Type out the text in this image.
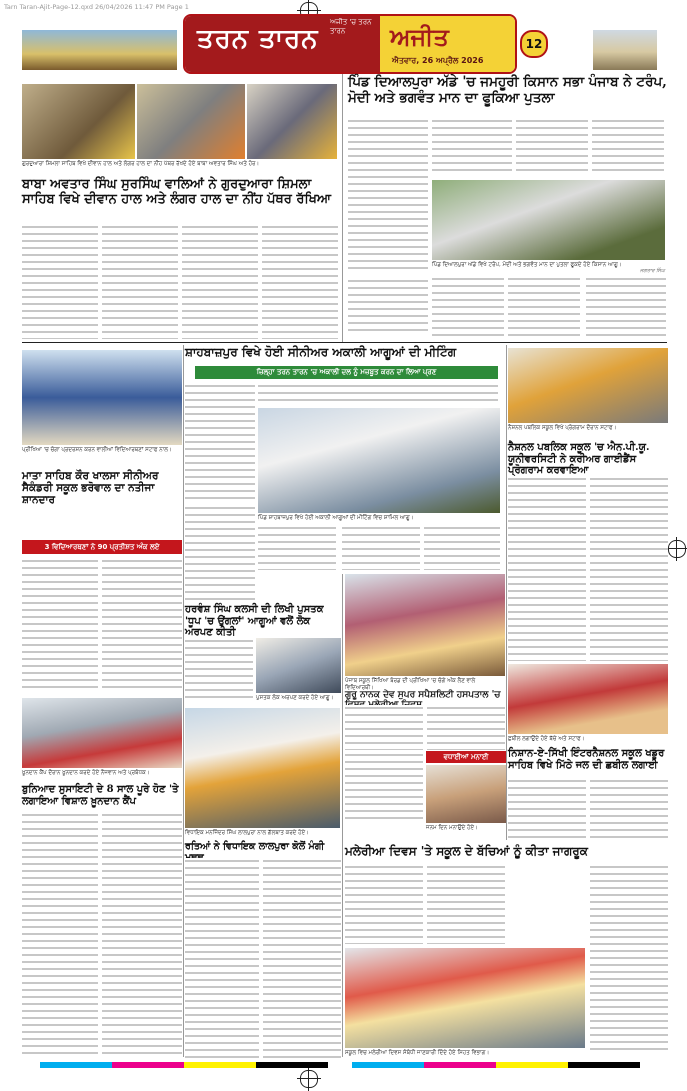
Tarn Taran-Ajit-Page-12.qxd 26/04/2026 11:47 PM Page 1
ਅਜੀਤ 'ਚ ਤਰਨ ਤਾਰਨ
ਤਰਨ ਤਾਰਨ	ਅਜੀਤ
ਐਤਵਾਰ, 26 ਅਪ੍ਰੈਲ 2026
12
ਗੁਰਦੁਆਰਾ ਸ਼ਿਮਲਾ ਸਾਹਿਬ ਵਿਖੇ ਦੀਵਾਨ ਹਾਲ ਅਤੇ ਲੰਗਰ ਹਾਲ ਦਾ ਨੀਂਹ ਪੱਥਰ ਰੱਖਦੇ ਹੋਏ ਬਾਬਾ ਅਵਤਾਰ ਸਿੰਘ ਅਤੇ ਹੋਰ।
ਪਿੰਡ ਦਿਆਲਪੁਰਾ ਅੱਡੇ 'ਚ ਜਮਹੂਰੀ ਕਿਸਾਨ ਸਭਾ ਪੰਜਾਬ ਨੇ ਟਰੰਪ, ਮੋਦੀ ਅਤੇ ਭਗਵੰਤ ਮਾਨ ਦਾ ਫੂਕਿਆ ਪੁਤਲਾ
ਪਿੰਡ ਦਿਆਲਪੁਰਾ ਅੱਡੇ ਵਿਖੇ ਟਰੰਪ, ਮੋਦੀ ਅਤੇ ਭਗਵੰਤ ਮਾਨ ਦਾ ਪੁਤਲਾ ਫੂਕਦੇ ਹੋਏ ਕਿਸਾਨ ਆਗੂ।
ਬਾਬਾ ਅਵਤਾਰ ਸਿੰਘ ਸੁਰਸਿੰਘ ਵਾਲਿਆਂ ਨੇ ਗੁਰਦੁਆਰਾ ਸ਼ਿਮਲਾ ਸਾਹਿਬ ਵਿਖੇ ਦੀਵਾਨ ਹਾਲ ਅਤੇ ਲੰਗਰ ਹਾਲ ਦਾ ਨੀਂਹ ਪੱਥਰ ਰੱਖਿਆ
ਸ਼ਾਹਬਾਜ਼ਪੁਰ ਵਿਖੇ ਹੋਈ ਸੀਨੀਅਰ ਅਕਾਲੀ ਆਗੂਆਂ ਦੀ ਮੀਟਿੰਗ
ਜ਼ਿਲ੍ਹਾ ਤਰਨ ਤਾਰਨ 'ਚ ਅਕਾਲੀ ਦਲ ਨੂੰ ਮਜ਼ਬੂਤ ਕਰਨ ਦਾ ਲਿਆ ਪ੍ਰਣ
ਪਿੰਡ ਸ਼ਾਹਬਾਜ਼ਪੁਰ ਵਿਖੇ ਹੋਈ ਅਕਾਲੀ ਆਗੂਆਂ ਦੀ ਮੀਟਿੰਗ ਵਿਚ ਸ਼ਾਮਿਲ ਆਗੂ।
ਪ੍ਰੀਖਿਆ 'ਚ ਚੰਗਾ ਪ੍ਰਦਰਸ਼ਨ ਕਰਨ ਵਾਲੀਆਂ ਵਿਦਿਆਰਥਣਾਂ ਸਟਾਫ ਨਾਲ।
ਮਾਤਾ ਸਾਹਿਬ ਕੌਰ ਖਾਲਸਾ ਸੀਨੀਅਰ ਸੈਕੰਡਰੀ ਸਕੂਲ ਭਰੋਵਾਲ ਦਾ ਨਤੀਜਾ ਸ਼ਾਨਦਾਰ
3 ਵਿਦਿਆਰਥਣਾਂ ਨੇ 90 ਪ੍ਰਤੀਸ਼ਤ ਅੰਕ ਲਏ
ਨੈਸ਼ਨਲ ਪਬਲਿਕ ਸਕੂਲ ਵਿਖੇ ਪ੍ਰੋਗਰਾਮ ਦੌਰਾਨ ਸਟਾਫ।
ਨੈਸ਼ਨਲ ਪਬਲਿਕ ਸਕੂਲ 'ਚ ਐਨ.ਪੀ.ਯੂ. ਯੂਨੀਵਰਸਿਟੀ ਨੇ ਕਰੀਅਰ ਗਾਈਡੈਂਸ ਪ੍ਰੋਗਰਾਮ ਕਰਵਾਇਆ
ਪੰਜਾਬ ਸਕੂਲ ਸਿੱਖਿਆ ਬੋਰਡ ਦੀ ਪ੍ਰੀਖਿਆ 'ਚ ਚੰਗੇ ਅੰਕ ਲੈਣ ਵਾਲੇ ਵਿਦਿਆਰਥੀ।
ਗੁਰੂ ਨਾਨਕ ਦੇਵ ਸੁਪਰ ਸਪੈਸ਼ਲਿਟੀ ਹਸਪਤਾਲ 'ਚ
ਹਰਵੰਸ਼ ਸਿੰਘ ਕਲਸੀ ਦੀ ਲਿਖੀ ਪੁਸਤਕ 'ਧੂਪ 'ਚ ਉਂਗਲਾਂ' ਆਗੂਆਂ ਵਲੋਂ ਲੋਕ ਅਰਪਣ ਕੀਤੀ
ਪੁਸਤਕ ਲੋਕ ਅਰਪਣ ਕਰਦੇ ਹੋਏ ਆਗੂ।
ਖ਼ੂਨਦਾਨ ਕੈਂਪ ਦੌਰਾਨ ਖ਼ੂਨਦਾਨ ਕਰਦੇ ਹੋਏ ਨੌਜਵਾਨ ਅਤੇ ਪ੍ਰਬੰਧਕ।
ਬੁਨਿਆਦ ਸੁਸਾਇਟੀ ਦੇ 8 ਸਾਲ ਪੂਰੇ ਹੋਣ 'ਤੇ ਲਗਾਇਆ ਵਿਸ਼ਾਲ ਖ਼ੂਨਦਾਨ ਕੈਂਪ
ਵਿਧਾਇਕ ਮਨਜਿੰਦਰ ਸਿੰਘ ਲਾਲਪੁਰਾ ਨਾਲ ਗੱਲਬਾਤ ਕਰਦੇ ਹੋਏ।
ਰਤਿਆਂ ਨੇ ਵਿਧਾਇਕ ਲਾਲਪੁਰਾ ਕੋਲੋਂ ਮੰਗੀ
ਵਧਾਈਆਂ ਮਨਾਈ
ਜਨਮ ਦਿਨ ਮਨਾਉਂਦੇ ਹੋਏ।
ਛਬੀਲ ਲਗਾਉਂਦੇ ਹੋਏ ਬੱਚੇ ਅਤੇ ਸਟਾਫ।
ਨਿਸ਼ਾਨ-ਏ-ਸਿੱਖੀ ਇੰਟਰਨੈਸ਼ਨਲ ਸਕੂਲ ਖਡੂਰ ਸਾਹਿਬ ਵਿਖੇ ਮਿੱਠੇ ਜਲ ਦੀ ਛਬੀਲ ਲਗਾਈ
ਮਲੇਰੀਆ ਦਿਵਸ 'ਤੇ ਸਕੂਲ ਦੇ ਬੱਚਿਆਂ ਨੂੰ ਕੀਤਾ ਜਾਗਰੂਕ
ਸਕੂਲ ਵਿਚ ਮਲੇਰੀਆ ਦਿਵਸ ਸੰਬੰਧੀ ਜਾਣਕਾਰੀ ਦਿੰਦੇ ਹੋਏ ਸਿਹਤ ਵਿਭਾਗ।
ਜਗਤਾਰ ਸਿੰਘ
